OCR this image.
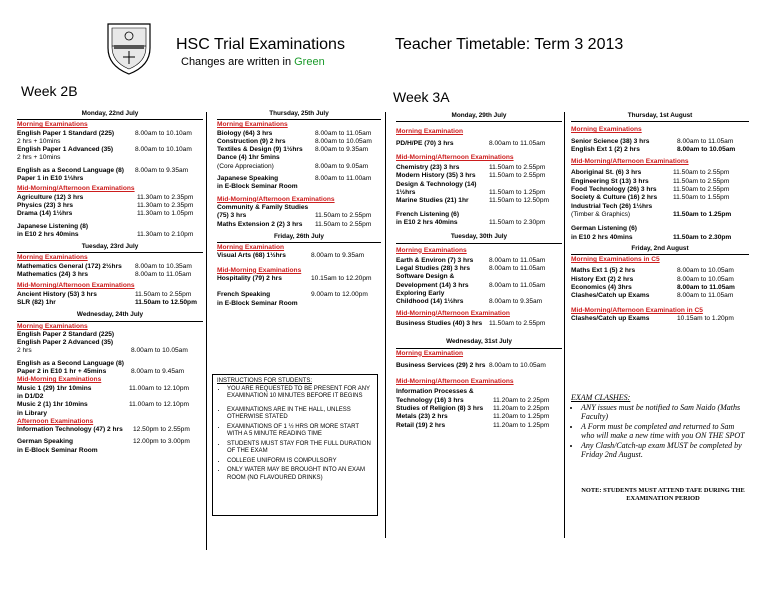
HSC Trial Examinations	Teacher Timetable: Term 3 2013
Changes are written in Green
Week 2B	Week 3A
Monday, 22nd July
Morning Examinations
English Paper 1 Standard (225)	8.00am to 10.10am
2 hrs + 10mins
English Paper 1 Advanced (35)	8.00am to 10.10am
2 hrs + 10mins
English as a Second Language (8) 8.00am to 9.35am
Paper 1 in E10 1⅓hrs
Mid-Morning/Afternoon Examinations
Agriculture (12) 3 hrs	11.30am to 2.35pm
Physics (23) 3 hrs	11.30am to 2.35pm
Drama (14) 1½hrs	11.30am to 1.05pm
Japanese Listening (8)
in E10 2 hrs 40mins	11.30am to 2.10pm
Tuesday, 23rd July
Morning Examinations
Mathematics General (172) 2½hrs 8.00am to 10.35am
Mathematics (24) 3 hrs	8.00am to 11.05am
Mid-Morning/Afternoon Examinations
Ancient History (53) 3 hrs	11.50am to 2.55pm
SLR (82) 1hr	11.50am to 12.50pm
Wednesday, 24th July
Morning Examinations
English Paper 2 Standard (225)
English Paper 2 Advanced (35)
2 hrs	8.00am to 10.05am
English as a Second Language (8)
Paper 2 in E10 1 hr + 45mins	8.00am to 9.45am
Mid-Morning Examinations
Music 1 (29) 1hr 10mins	11.00am to 12.10pm
in D1/D2
Music 2 (1) 1hr 10mins	11.00am to 12.10pm
in Library
Afternoon Examinations
Information Technology (47) 2 hrs 12.50pm to 2.55pm
German Speaking	12.00pm to 3.00pm
in E-Block Seminar Room
Thursday, 25th July
Morning Examinations
Biology (64) 3 hrs	8.00am to 11.05am
Construction (9) 2 hrs	8.00am to 10.05am
Textiles & Design (9) 1½hrs 8.00am to 9.35am
Dance (4) 1hr 5mins
(Core Appreciation)	8.00am to 9.05am
Japanese Speaking	8.00am to 11.00am
in E-Block Seminar Room
Mid-Morning/Afternoon Examinations
Community & Family Studies
(75) 3 hrs	11.50am to 2.55pm
Maths Extension 2 (2) 3 hrs 11.50am to 2.55pm
Friday, 26th July
Morning Examination
Visual Arts (68) 1½hrs	8.00am to 9.35am
Mid-Morning Examinations
Hospitality (79) 2 hrs	10.15am to 12.20pm
French Speaking	9.00am to 12.00pm
in E-Block Seminar Room
INSTRUCTIONS FOR STUDENTS:
• YOU ARE REQUESTED TO BE PRESENT FOR ANY EXAMINATION 10 MINUTES BEFORE IT BEGINS
• EXAMINATIONS ARE IN THE HALL, UNLESS OTHERWISE STATED
• EXAMINATIONS OF 1 ½ HRS OR MORE START WITH A 5 MINUTE READING TIME
• STUDENTS MUST STAY FOR THE FULL DURATION OF THE EXAM
• COLLEGE UNIFORM IS COMPULSORY
• ONLY WATER MAY BE BROUGHT INTO AN EXAM ROOM (NO FLAVOURED DRINKS)
Monday, 29th July
Morning Examination
PD/H/PE (70) 3 hrs	8.00am to 11.05am
Mid-Morning/Afternoon Examinations
Chemistry (23) 3 hrs	11.50am to 2.55pm
Modern History (35) 3 hrs 11.50am to 2.55pm
Design & Technology (14)
1½hrs	11.50am to 1.25pm
Marine Studies (21) 1hr	11.50am to 12.50pm
French Listening (6)
in E10 2 hrs 40mins	11.50am to 2.30pm
Tuesday, 30th July
Morning Examinations
Earth & Environ (7) 3 hrs 8.00am to 11.05am
Legal Studies (28) 3 hrs	8.00am to 11.05am
Software Design &
Development (14) 3 hrs	8.00am to 11.05am
Exploring Early
Childhood (14) 1½hrs	8.00am to 9.35am
Mid-Morning/Afternoon Examination
Business Studies (40) 3 hrs 11.50am to 2.55pm
Wednesday, 31st July
Morning Examination
Business Services (29) 2 hrs 8.00am to 10.05am
Mid-Morning/Afternoon Examinations
Information Processes &
Technology (16) 3 hrs	11.20am to 2.25pm
Studies of Religion (8) 3 hrs 11.20am to 2.25pm
Metals (23) 2 hrs	11.20am to 1.25pm
Retail (19) 2 hrs	11.20am to 1.25pm
Thursday, 1st August
Morning Examinations
Senior Science (38) 3 hrs	8.00am to 11.05am
English Ext 1 (2) 2 hrs	8.00am to 10.05am
Mid-Morning/Afternoon Examinations
Aboriginal St. (6) 3 hrs	11.50am to 2.55pm
Engineering St (13) 3 hrs	11.50am to 2.55pm
Food Technology (26) 3 hrs 11.50am to 2.55pm
Society & Culture (16) 2 hrs 11.50am to 1.55pm
Industrial Tech (26) 1½hrs
(Timber & Graphics)	11.50am to 1.25pm
German Listening (6)
in E10 2 hrs 40mins	11.50am to 2.30pm
Friday, 2nd August
Morning Examinations in C5
Maths Ext 1 (5) 2 hrs	8.00am to 10.05am
History Ext (2) 2 hrs	8.00am to 10.05am
Economics (4) 3hrs	8.00am to 11.05am
Clashes/Catch up Exams	8.00am to 11.05am
Mid-Morning/Afternoon Examination in C5
Clashes/Catch up Exams	10.15am to 1.20pm
EXAM CLASHES:
• ANY issues must be notified to Sam Naido (Maths Faculty)
• A Form must be completed and returned to Sam who will make a new time with you ON THE SPOT
• Any Clash/Catch-up exam MUST be completed by Friday 2nd August.
NOTE: STUDENTS MUST ATTEND TAFE DURING THE EXAMINATION PERIOD
